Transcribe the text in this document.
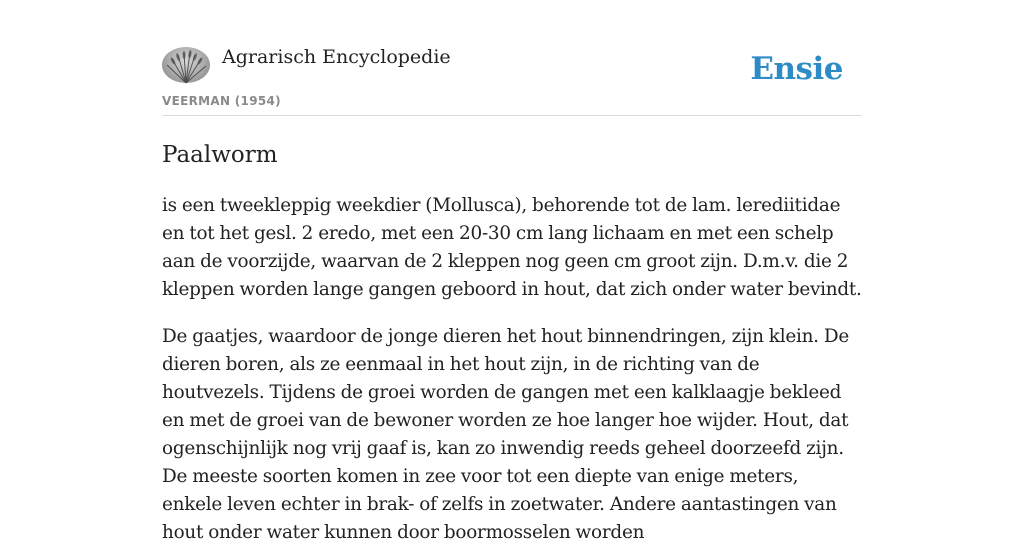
Agrarisch Encyclopedie
VEERMAN (1954)
Ensie
Paalworm

is een tweekleppig weekdier (Mollusca), behorende tot de lam. lerediitidae en tot het gesl. 2 eredo, met een 20-30 cm lang lichaam en met een schelp aan de voorzijde, waarvan de 2 kleppen nog geen cm groot zijn. D.m.v. die 2 kleppen worden lange gangen geboord in hout, dat zich onder water bevindt.

De gaatjes, waardoor de jonge dieren het hout binnendringen, zijn klein. De dieren boren, als ze eenmaal in het hout zijn, in de richting van de houtvezels. Tijdens de groei worden de gangen met een kalklaagje bekleed en met de groei van de bewoner worden ze hoe langer hoe wijder. Hout, dat ogenschijnlijk nog vrij gaaf is, kan zo inwendig reeds geheel doorzeefd zijn. De meeste soorten komen in zee voor tot een diepte van enige meters, enkele leven echter in brak- of zelfs in zoetwater. Andere aantastingen van hout onder water kunnen door boormosselen worden
